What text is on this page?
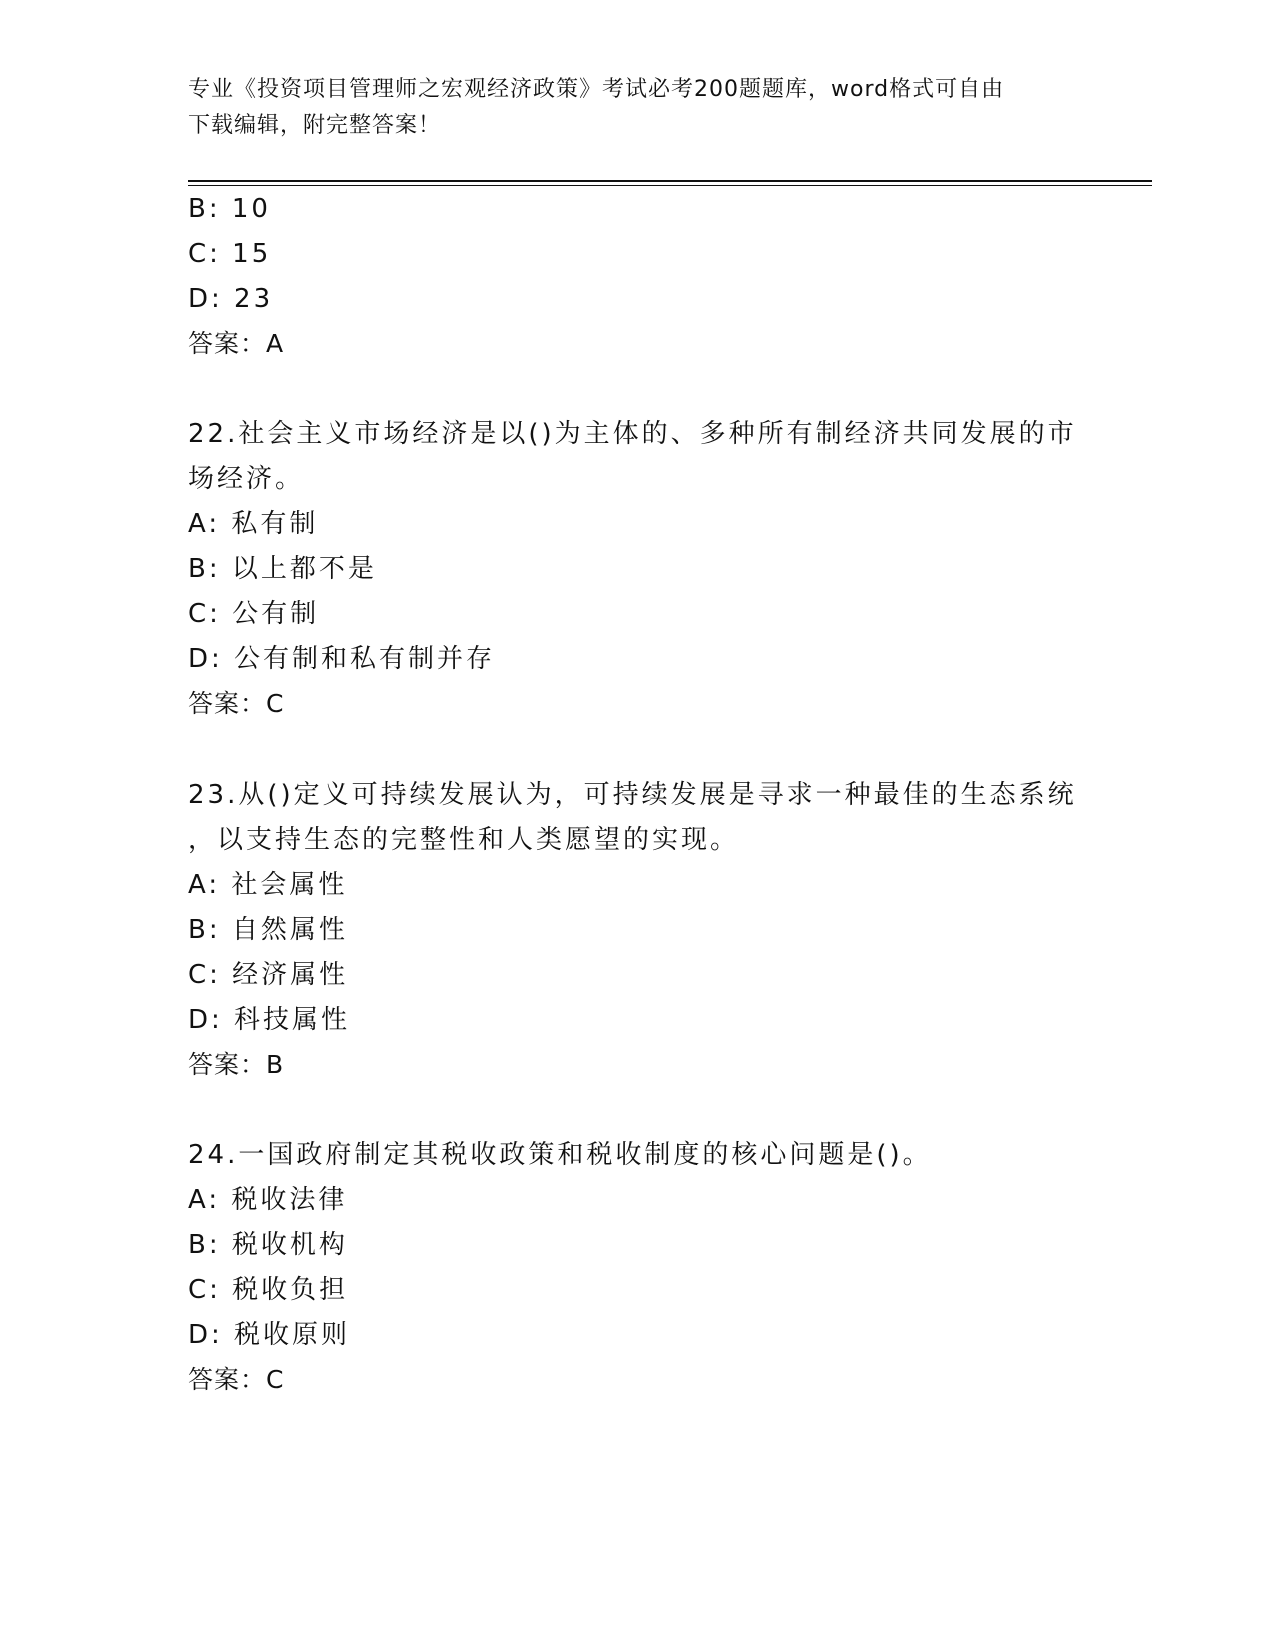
专业《投资项目管理师之宏观经济政策》考试必考200题题库，word格式可自由
下载编辑，附完整答案！
B: 10
C: 15
D: 23
答案：A
22.社会主义市场经济是以()为主体的、多种所有制经济共同发展的市
场经济。
A: 私有制
B: 以上都不是
C: 公有制
D: 公有制和私有制并存
答案：C
23.从()定义可持续发展认为，可持续发展是寻求一种最佳的生态系统
，以支持生态的完整性和人类愿望的实现。
A: 社会属性
B: 自然属性
C: 经济属性
D: 科技属性
答案：B
24.一国政府制定其税收政策和税收制度的核心问题是()。
A: 税收法律
B: 税收机构
C: 税收负担
D: 税收原则
答案：C
